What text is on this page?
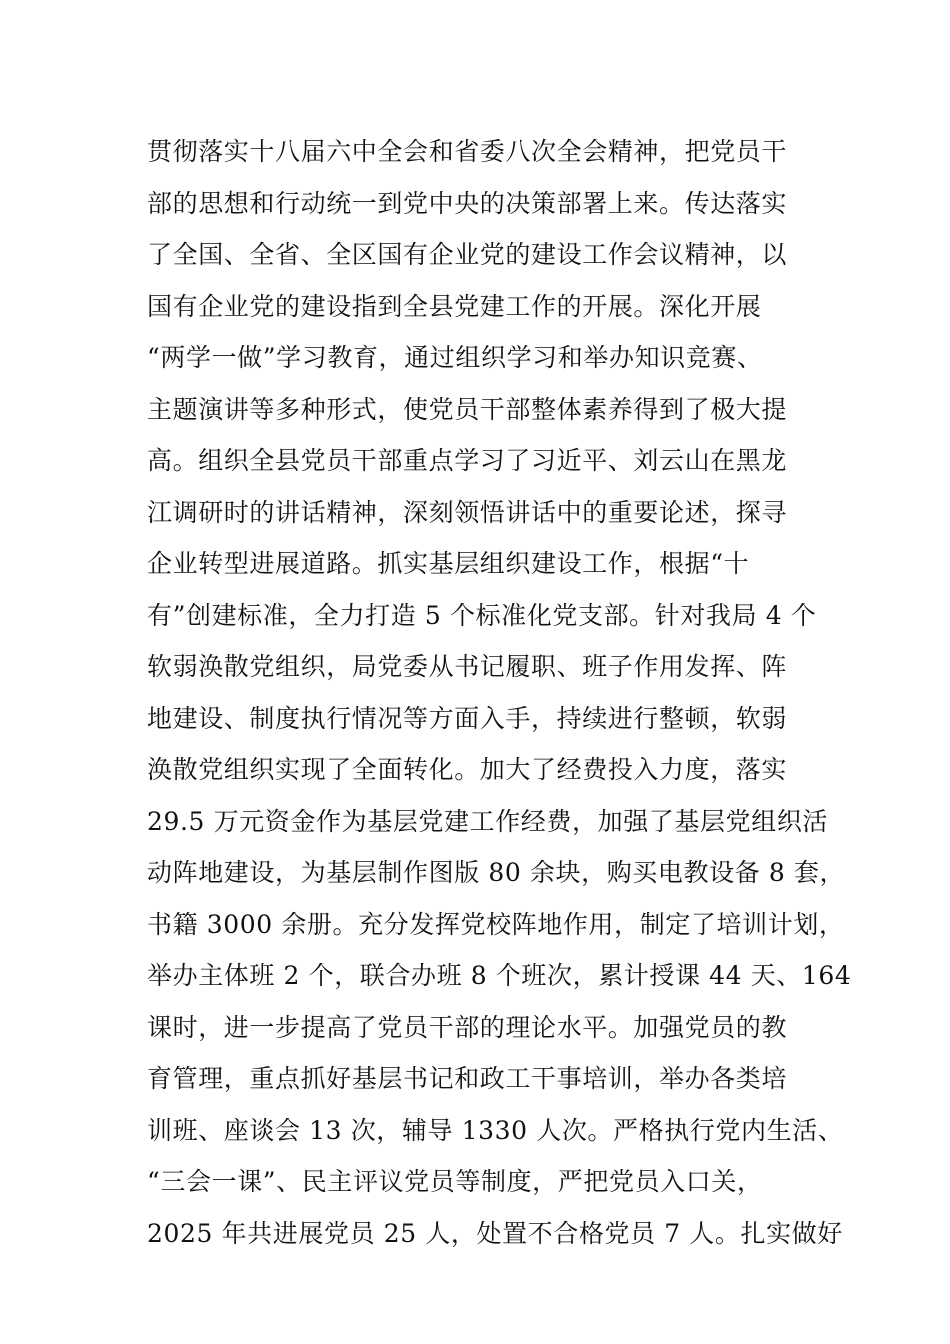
贯彻落实十八届六中全会和省委八次全会精神，把党员干
部的思想和行动统一到党中央的决策部署上来。传达落实
了全国、全省、全区国有企业党的建设工作会议精神，以
国有企业党的建设指到全县党建工作的开展。深化开展
“两学一做”学习教育，通过组织学习和举办知识竞赛、
主题演讲等多种形式，使党员干部整体素养得到了极大提
高。组织全县党员干部重点学习了习近平、刘云山在黑龙
江调研时的讲话精神，深刻领悟讲话中的重要论述，探寻
企业转型进展道路。抓实基层组织建设工作，根据“十
有”创建标准，全力打造 5 个标准化党支部。针对我局 4 个
软弱涣散党组织，局党委从书记履职、班子作用发挥、阵
地建设、制度执行情况等方面入手，持续进行整顿，软弱
涣散党组织实现了全面转化。加大了经费投入力度，落实
29.5 万元资金作为基层党建工作经费，加强了基层党组织活
动阵地建设，为基层制作图版 80 余块，购买电教设备 8 套，
书籍 3000 余册。充分发挥党校阵地作用，制定了培训计划，
举办主体班 2 个，联合办班 8 个班次，累计授课 44 天、164
课时，进一步提高了党员干部的理论水平。加强党员的教
育管理，重点抓好基层书记和政工干事培训，举办各类培
训班、座谈会 13 次，辅导 1330 人次。严格执行党内生活、
“三会一课”、民主评议党员等制度，严把党员入口关，
2025 年共进展党员 25 人，处置不合格党员 7 人。扎实做好
